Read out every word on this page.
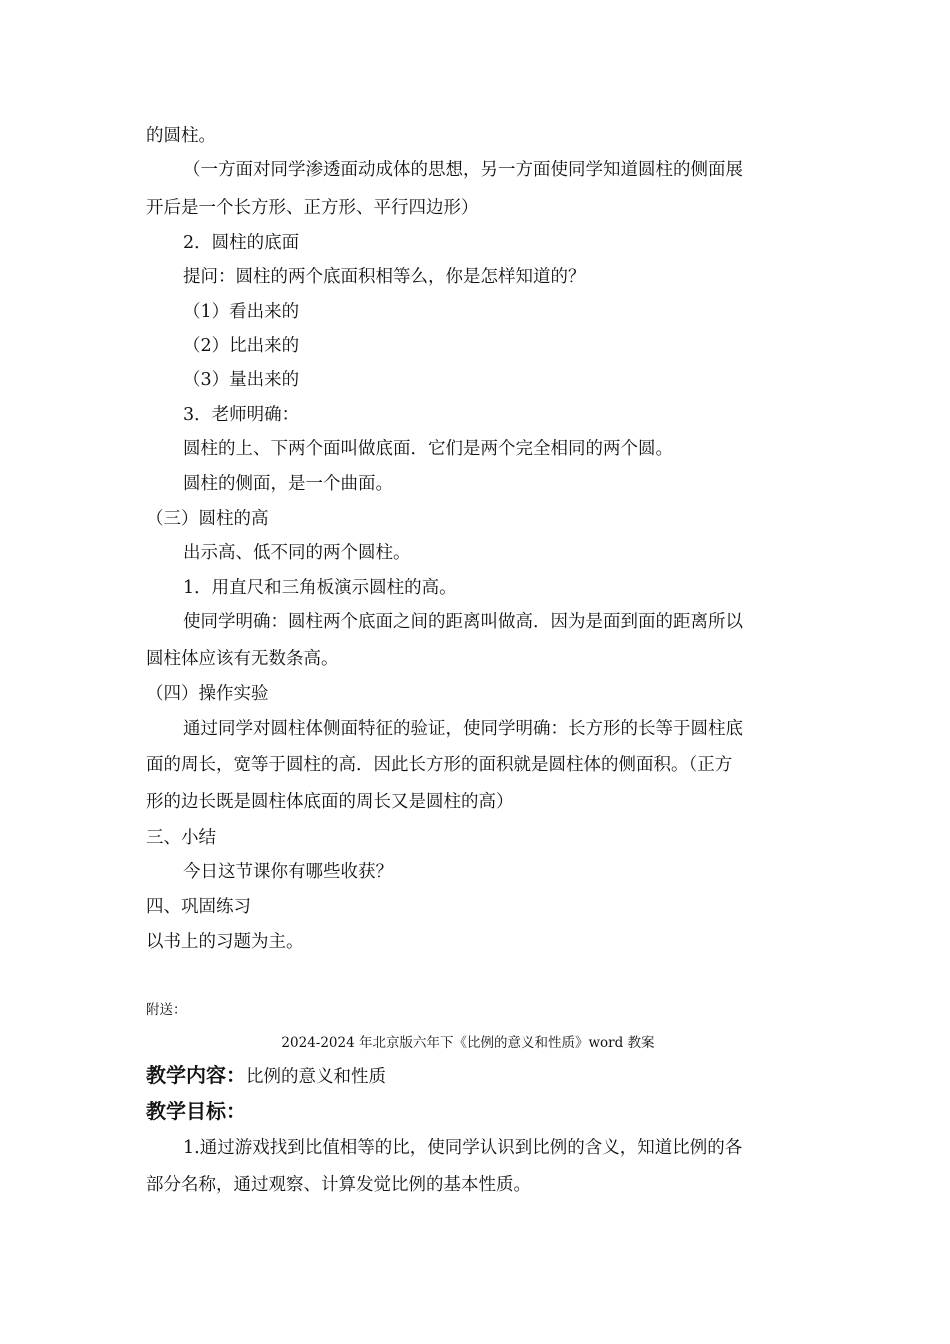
的圆柱。
（一方面对同学渗透面动成体的思想，另一方面使同学知道圆柱的侧面展
开后是一个长方形、正方形、平行四边形）
2．圆柱的底面
提问：圆柱的两个底面积相等么，你是怎样知道的？
（1）看出来的
（2）比出来的
（3）量出来的
3．老师明确：
圆柱的上、下两个面叫做底面．它们是两个完全相同的两个圆。
圆柱的侧面，是一个曲面。
（三）圆柱的高
出示高、低不同的两个圆柱。
1．用直尺和三角板演示圆柱的高。
使同学明确：圆柱两个底面之间的距离叫做高．因为是面到面的距离所以
圆柱体应该有无数条高。
（四）操作实验
通过同学对圆柱体侧面特征的验证，使同学明确：长方形的长等于圆柱底
面的周长，宽等于圆柱的高．因此长方形的面积就是圆柱体的侧面积。（正方
形的边长既是圆柱体底面的周长又是圆柱的高）
三、小结
今日这节课你有哪些收获？
四、巩固练习
以书上的习题为主。
附送：
2024-2024 年北京版六年下《比例的意义和性质》word 教案
教学内容：比例的意义和性质
教学目标：
1.通过游戏找到比值相等的比，使同学认识到比例的含义，知道比例的各
部分名称，通过观察、计算发觉比例的基本性质。
